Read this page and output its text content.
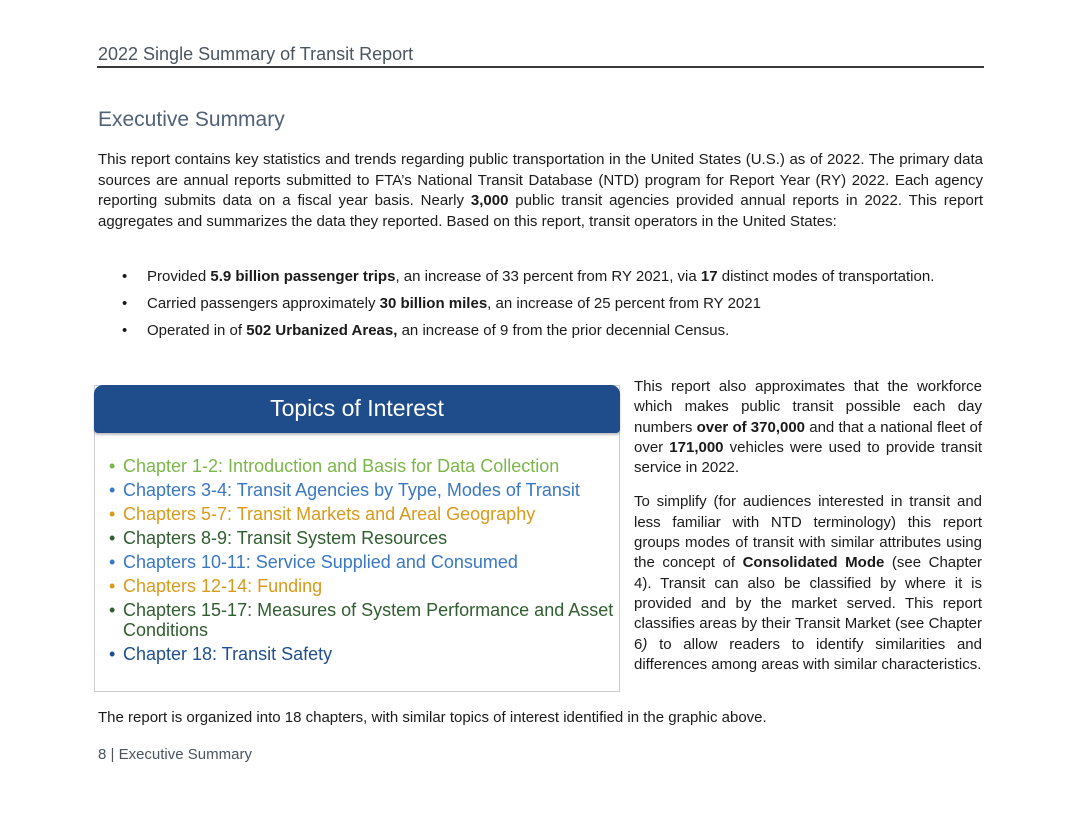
2022 Single Summary of Transit Report
Executive Summary

This report contains key statistics and trends regarding public transportation in the United States (U.S.) as of 2022. The primary data sources are annual reports submitted to FTA’s National Transit Database (NTD) program for Report Year (RY) 2022. Each agency reporting submits data on a fiscal year basis. Nearly 3,000 public transit agencies provided annual reports in 2022. This report aggregates and summarizes the data they reported. Based on this report, transit operators in the United States:

• Provided 5.9 billion passenger trips, an increase of 33 percent from RY 2021, via 17 distinct modes of transportation.
• Carried passengers approximately 30 billion miles, an increase of 25 percent from RY 2021
• Operated in of 502 Urbanized Areas, an increase of 9 from the prior decennial Census.
Topics of Interest
• Chapter 1-2: Introduction and Basis for Data Collection
• Chapters 3-4: Transit Agencies by Type, Modes of Transit
• Chapters 5-7: Transit Markets and Areal Geography
• Chapters 8-9: Transit System Resources
• Chapters 10-11: Service Supplied and Consumed
• Chapters 12-14: Funding
• Chapters 15-17: Measures of System Performance and Asset Conditions
• Chapter 18: Transit Safety

This report also approximates that the workforce which makes public transit possible each day numbers over of 370,000 and that a national fleet of over 171,000 vehicles were used to provide transit service in 2022.

To simplify (for audiences interested in transit and less familiar with NTD terminology) this report groups modes of transit with similar attributes using the concept of Consolidated Mode (see Chapter 4). Transit can also be classified by where it is provided and by the market served. This report classifies areas by their Transit Market (see Chapter 6) to allow readers to identify similarities and differences among areas with similar characteristics.

The report is organized into 18 chapters, with similar topics of interest identified in the graphic above.
8 | Executive Summary
